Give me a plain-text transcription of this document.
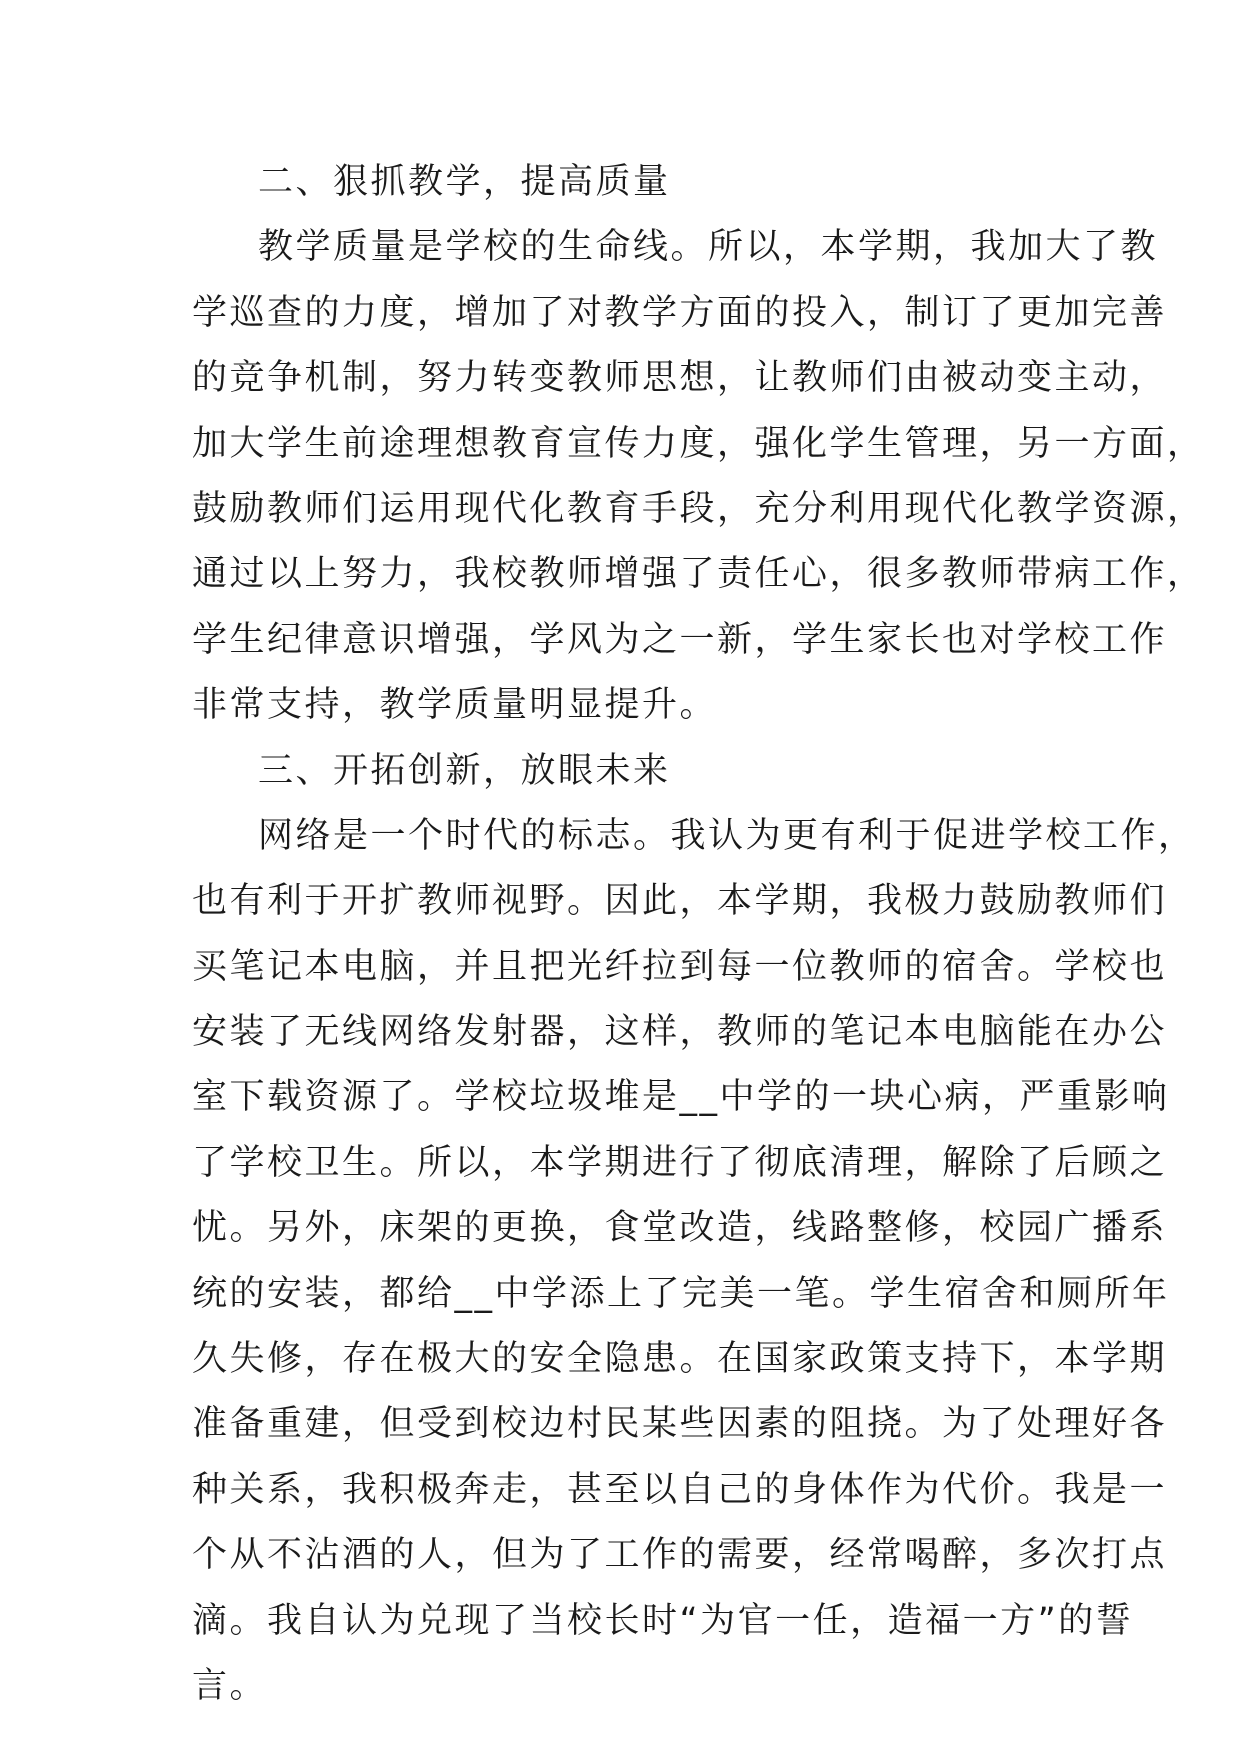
二、狠抓教学，提高质量
教学质量是学校的生命线。所以，本学期，我加大了教
学巡查的力度，增加了对教学方面的投入，制订了更加完善
的竞争机制，努力转变教师思想，让教师们由被动变主动，
加大学生前途理想教育宣传力度，强化学生管理，另一方面，
鼓励教师们运用现代化教育手段，充分利用现代化教学资源，
通过以上努力，我校教师增强了责任心，很多教师带病工作，
学生纪律意识增强，学风为之一新，学生家长也对学校工作
非常支持，教学质量明显提升。
三、开拓创新，放眼未来
网络是一个时代的标志。我认为更有利于促进学校工作，
也有利于开扩教师视野。因此，本学期，我极力鼓励教师们
买笔记本电脑，并且把光纤拉到每一位教师的宿舍。学校也
安装了无线网络发射器，这样，教师的笔记本电脑能在办公
室下载资源了。学校垃圾堆是__中学的一块心病，严重影响
了学校卫生。所以，本学期进行了彻底清理，解除了后顾之
忧。另外，床架的更换，食堂改造，线路整修，校园广播系
统的安装，都给__中学添上了完美一笔。学生宿舍和厕所年
久失修，存在极大的安全隐患。在国家政策支持下，本学期
准备重建，但受到校边村民某些因素的阻挠。为了处理好各
种关系，我积极奔走，甚至以自己的身体作为代价。我是一
个从不沾酒的人，但为了工作的需要，经常喝醉，多次打点
滴。我自认为兑现了当校长时“为官一任，造福一方”的誓
言。
